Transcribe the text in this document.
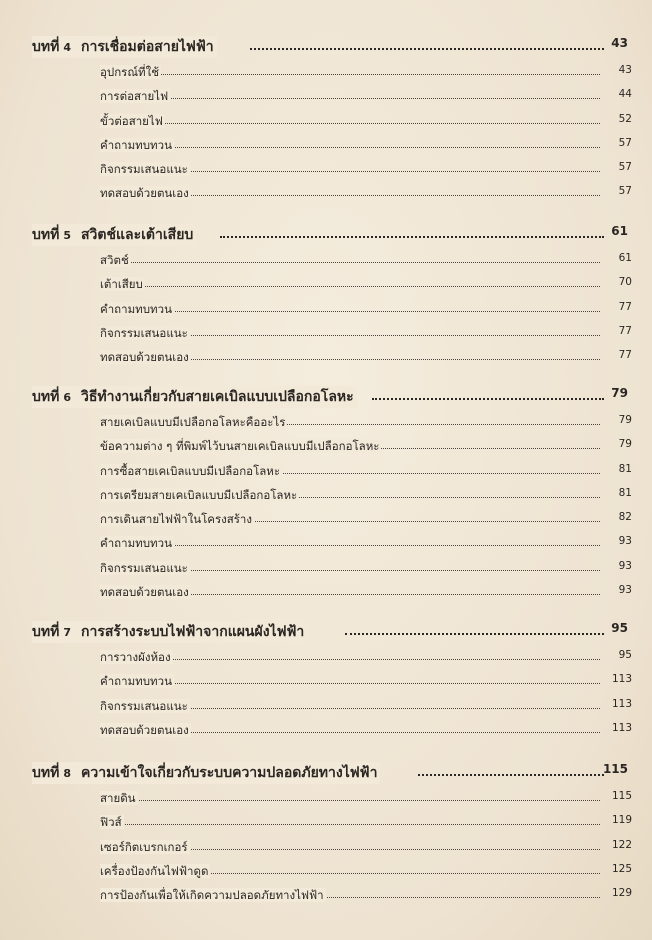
บทที่ 4 การเชื่อมต่อสายไฟฟ้า	43
อุปกรณ์ที่ใช้	43
การต่อสายไฟ	44
ขั้วต่อสายไฟ	52
คำถามทบทวน	57
กิจกรรมเสนอแนะ	57
ทดสอบด้วยตนเอง	57
บทที่ 5 สวิตช์และเต้าเสียบ	61
สวิตช์	61
เต้าเสียบ	70
คำถามทบทวน	77
กิจกรรมเสนอแนะ	77
ทดสอบด้วยตนเอง	77
บทที่ 6 วิธีทำงานเกี่ยวกับสายเคเบิลแบบเปลือกอโลหะ	79
สายเคเบิลแบบมีเปลือกอโลหะคืออะไร	79
ข้อความต่าง ๆ ที่พิมพ์ไว้บนสายเคเบิลแบบมีเปลือกอโลหะ	79
การซื้อสายเคเบิลแบบมีเปลือกอโลหะ	81
การเตรียมสายเคเบิลแบบมีเปลือกอโลหะ	81
การเดินสายไฟฟ้าในโครงสร้าง	82
คำถามทบทวน	93
กิจกรรมเสนอแนะ	93
ทดสอบด้วยตนเอง	93
บทที่ 7 การสร้างระบบไฟฟ้าจากแผนผังไฟฟ้า	95
การวางผังห้อง	95
คำถามทบทวน	113
กิจกรรมเสนอแนะ	113
ทดสอบด้วยตนเอง	113
บทที่ 8 ความเข้าใจเกี่ยวกับระบบความปลอดภัยทางไฟฟ้า	115
สายดิน	115
ฟิวส์	119
เซอร์กิตเบรกเกอร์	122
เครื่องป้องกันไฟฟ้าดูด	125
การป้องกันเพื่อให้เกิดความปลอดภัยทางไฟฟ้า	129
